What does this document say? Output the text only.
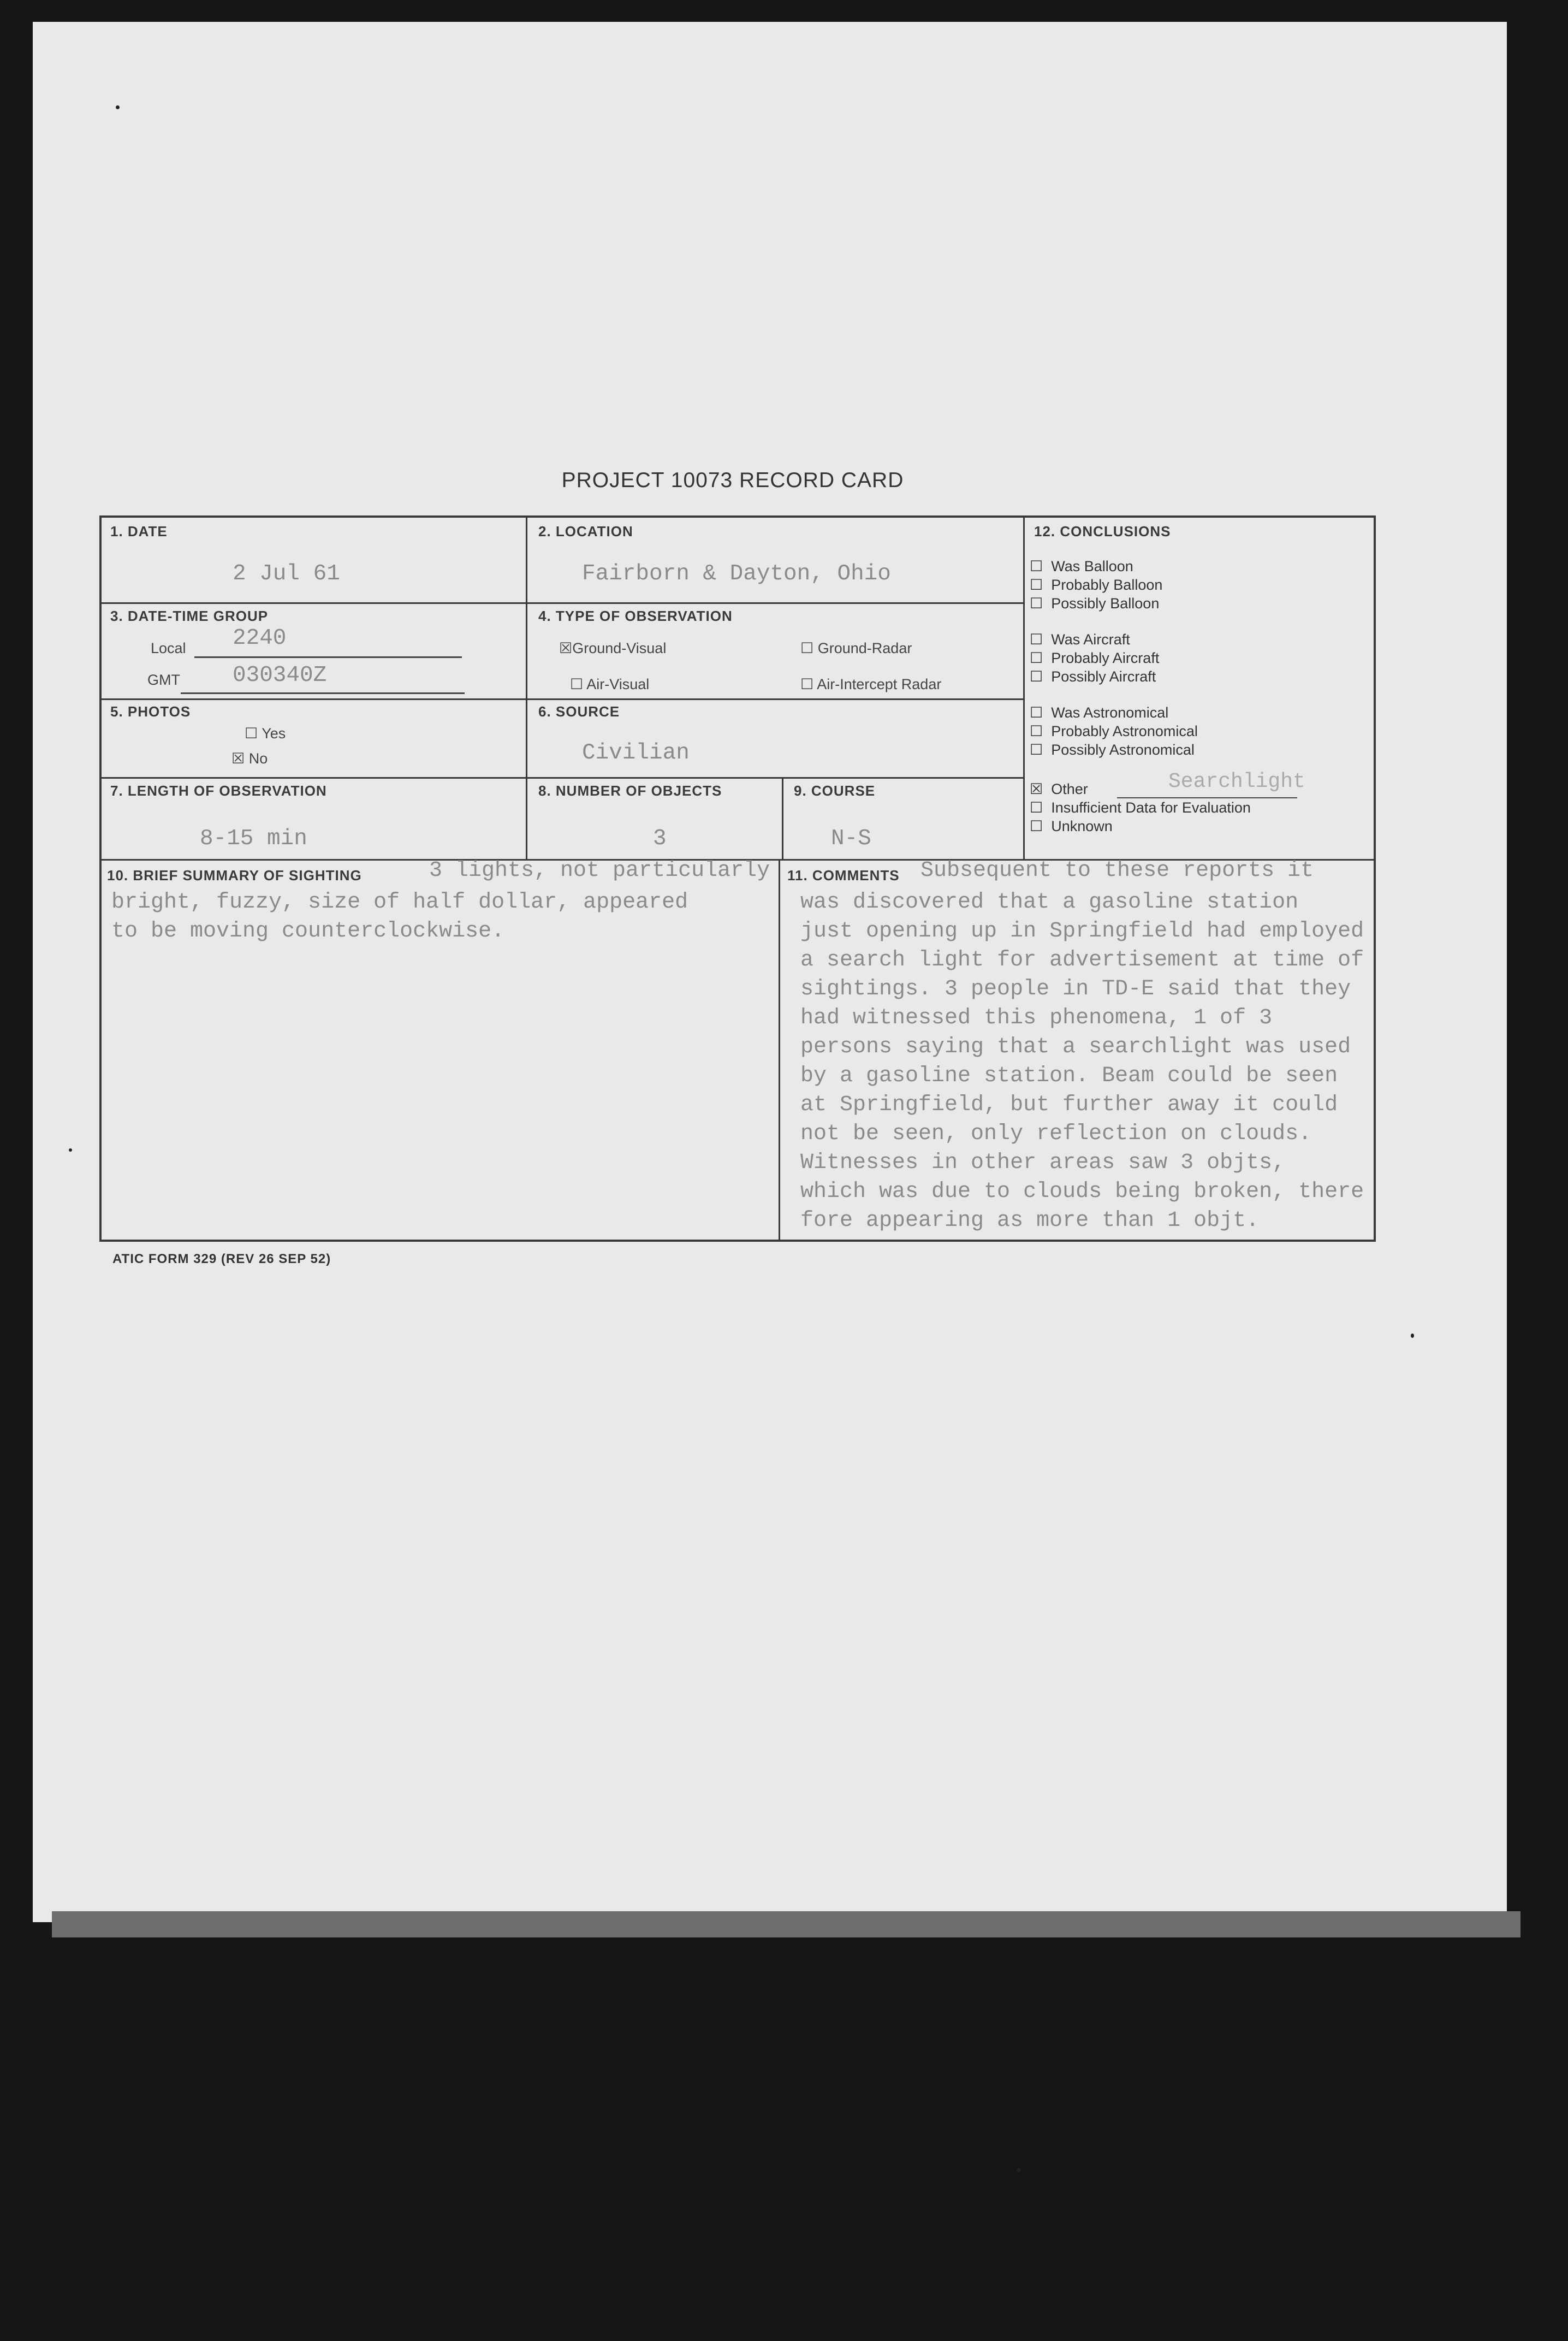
PROJECT 10073 RECORD CARD
1. DATE
2 Jul 61
2. LOCATION
Fairborn & Dayton, Ohio
3. DATE-TIME GROUP
Local 2240
GMT 030340Z
4. TYPE OF OBSERVATION
☒Ground-Visual	☐ Ground-Radar
☐ Air-Visual	☐ Air-Intercept Radar
5. PHOTOS
☐ Yes
☒ No
6. SOURCE
Civilian
7. LENGTH OF OBSERVATION
8-15 min
8. NUMBER OF OBJECTS
3
9. COURSE
N-S
12. CONCLUSIONS
☐ Was Balloon
☐ Probably Balloon
☐ Possibly Balloon
☐ Was Aircraft
☐ Probably Aircraft
☐ Possibly Aircraft
☐ Was Astronomical
☐ Probably Astronomical
☐ Possibly Astronomical
☒ Other	Searchlight
☐ Insufficient Data for Evaluation
☐ Unknown
10. BRIEF SUMMARY OF SIGHTING	3 lights, not particularly
bright, fuzzy, size of half dollar, appeared
to be moving counterclockwise.
11. COMMENTS Subsequent to these reports it
was discovered that a gasoline station
just opening up in Springfield had employed
a search light for advertisement at time of
sightings. 3 people in TD-E said that they
had witnessed this phenomena, 1 of 3
persons saying that a searchlight was used
by a gasoline station. Beam could be seen
at Springfield, but further away it could
not be seen, only reflection on clouds.
Witnesses in other areas saw 3 objts,
which was due to clouds being broken, there
fore appearing as more than 1 objt.
ATIC FORM 329 (REV 26 SEP 52)
